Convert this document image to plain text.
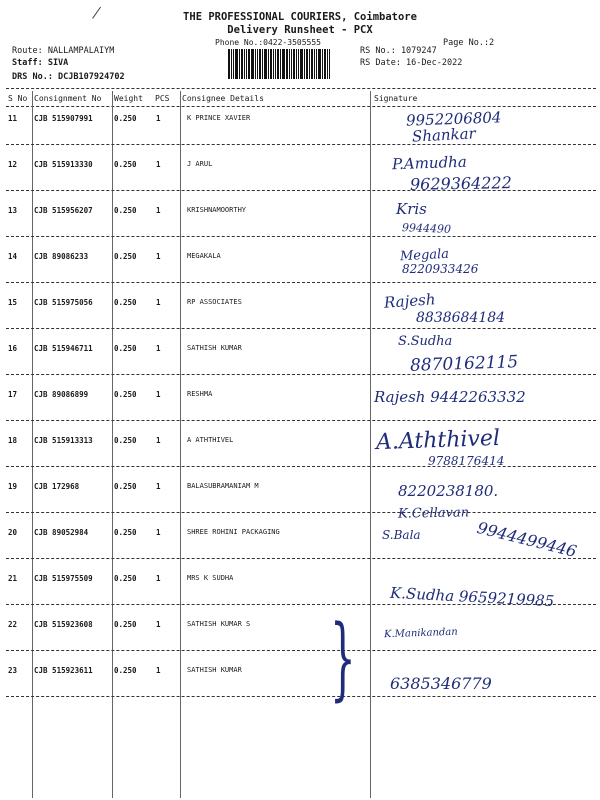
THE PROFESSIONAL COURIERS, Coimbatore
Delivery Runsheet - PCX
Phone No.:0422-3505555	Page No.:2
Route: NALLAMPALAIYM
Staff: SIVA
DRS No.: DCJB107924702
RS No.: 1079247
RS Date: 16-Dec-2022
S No Consignment No Weight PCS Consignee Details	Signature
11 CJB 515907991	0.250	1	K PRINCE XAVIER	9952206804
Shankar
12 CJB 515913330	0.250	1	J ARUL	P.Amudha
9629364222
13 CJB 515956207	0.250	1	KRISHNAMOORTHY	Kris
9944490
14 CJB 89086233	0.250	1	MEGAKALA	Megala
8220933426
15 CJB 515975056	0.250	1	RP ASSOCIATES	Rajesh
8838684184
16 CJB 515946711	0.250	1	SATHISH KUMAR	S.Sudha
8870162115
17 CJB 89086899	0.250	1	RESHMA	Rajesh 9442263332
18 CJB 515913313	0.250	1	A ATHTHIVEL	A.Aththivel
9788176414
19 CJB 172968	0.250	1	BALASUBRAMANIAM M	8220238180.
K.Cellavan
20 CJB 89052984	0.250	1	SHREE ROHINI PACKAGING	S.Bala	9944499446
21 CJB 515975509	0.250	1	MRS K SUDHA
K.Sudha 9659219985
22 CJB 515923608	0.250	1	SATHISH KUMAR S
K.Manikandan
23 CJB 515923611	0.250	1	SATHISH KUMAR
6385346779
}
